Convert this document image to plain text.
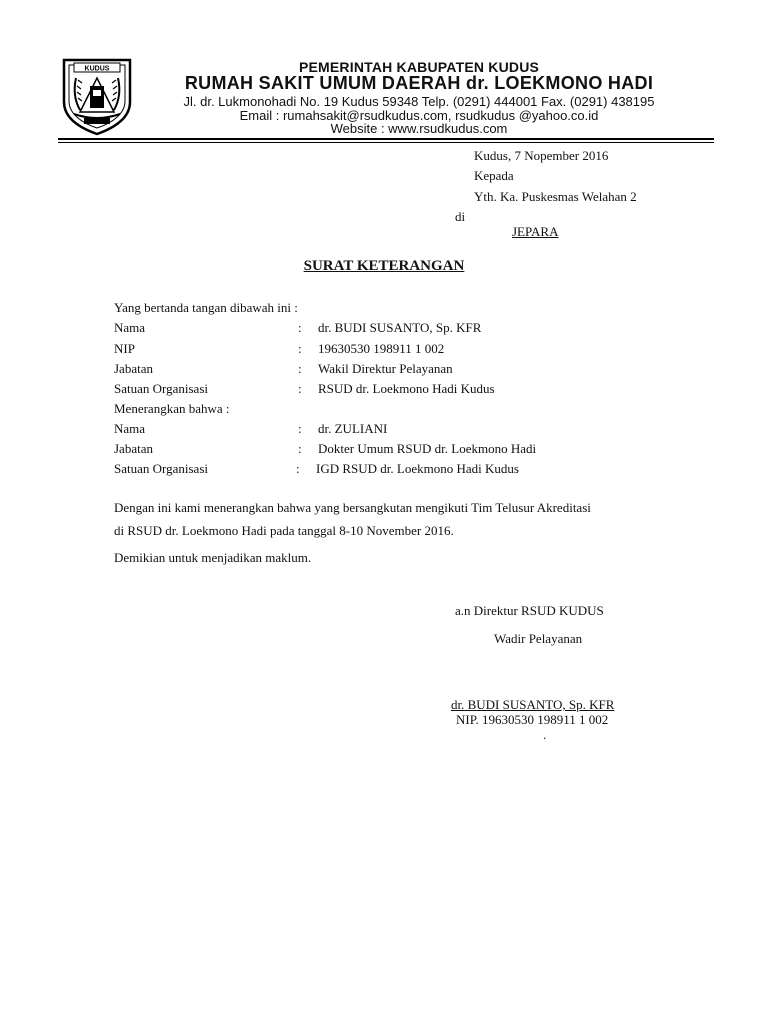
KUDUS	PEMERINTAH KABUPATEN KUDUS
RUMAH SAKIT UMUM DAERAH dr. LOEKMONO HADI
Jl. dr. Lukmonohadi No. 19 Kudus 59348 Telp. (0291) 444001 Fax. (0291) 438195
Email : rumahsakit@rsudkudus.com, rsudkudus @yahoo.co.id
Website : www.rsudkudus.com
Kudus, 7 Nopember 2016
Kepada
Yth. Ka. Puskesmas Welahan 2
di
JEPARA
SURAT KETERANGAN
Yang bertanda tangan dibawah ini :
Nama	: dr. BUDI SUSANTO, Sp. KFR
NIP	: 19630530 198911 1 002
Jabatan	: Wakil Direktur Pelayanan
Satuan Organisasi	: RSUD dr. Loekmono Hadi Kudus
Menerangkan bahwa :
Nama	: dr. ZULIANI
Jabatan	: Dokter Umum RSUD dr. Loekmono Hadi
Satuan Organisasi	: IGD RSUD dr. Loekmono Hadi Kudus
Dengan ini kami menerangkan bahwa yang bersangkutan mengikuti Tim Telusur Akreditasi
di RSUD dr. Loekmono Hadi pada tanggal 8-10 November 2016.
Demikian untuk menjadikan maklum.
a.n Direktur RSUD KUDUS
Wadir Pelayanan
dr. BUDI SUSANTO, Sp. KFR
NIP. 19630530 198911 1 002
.
